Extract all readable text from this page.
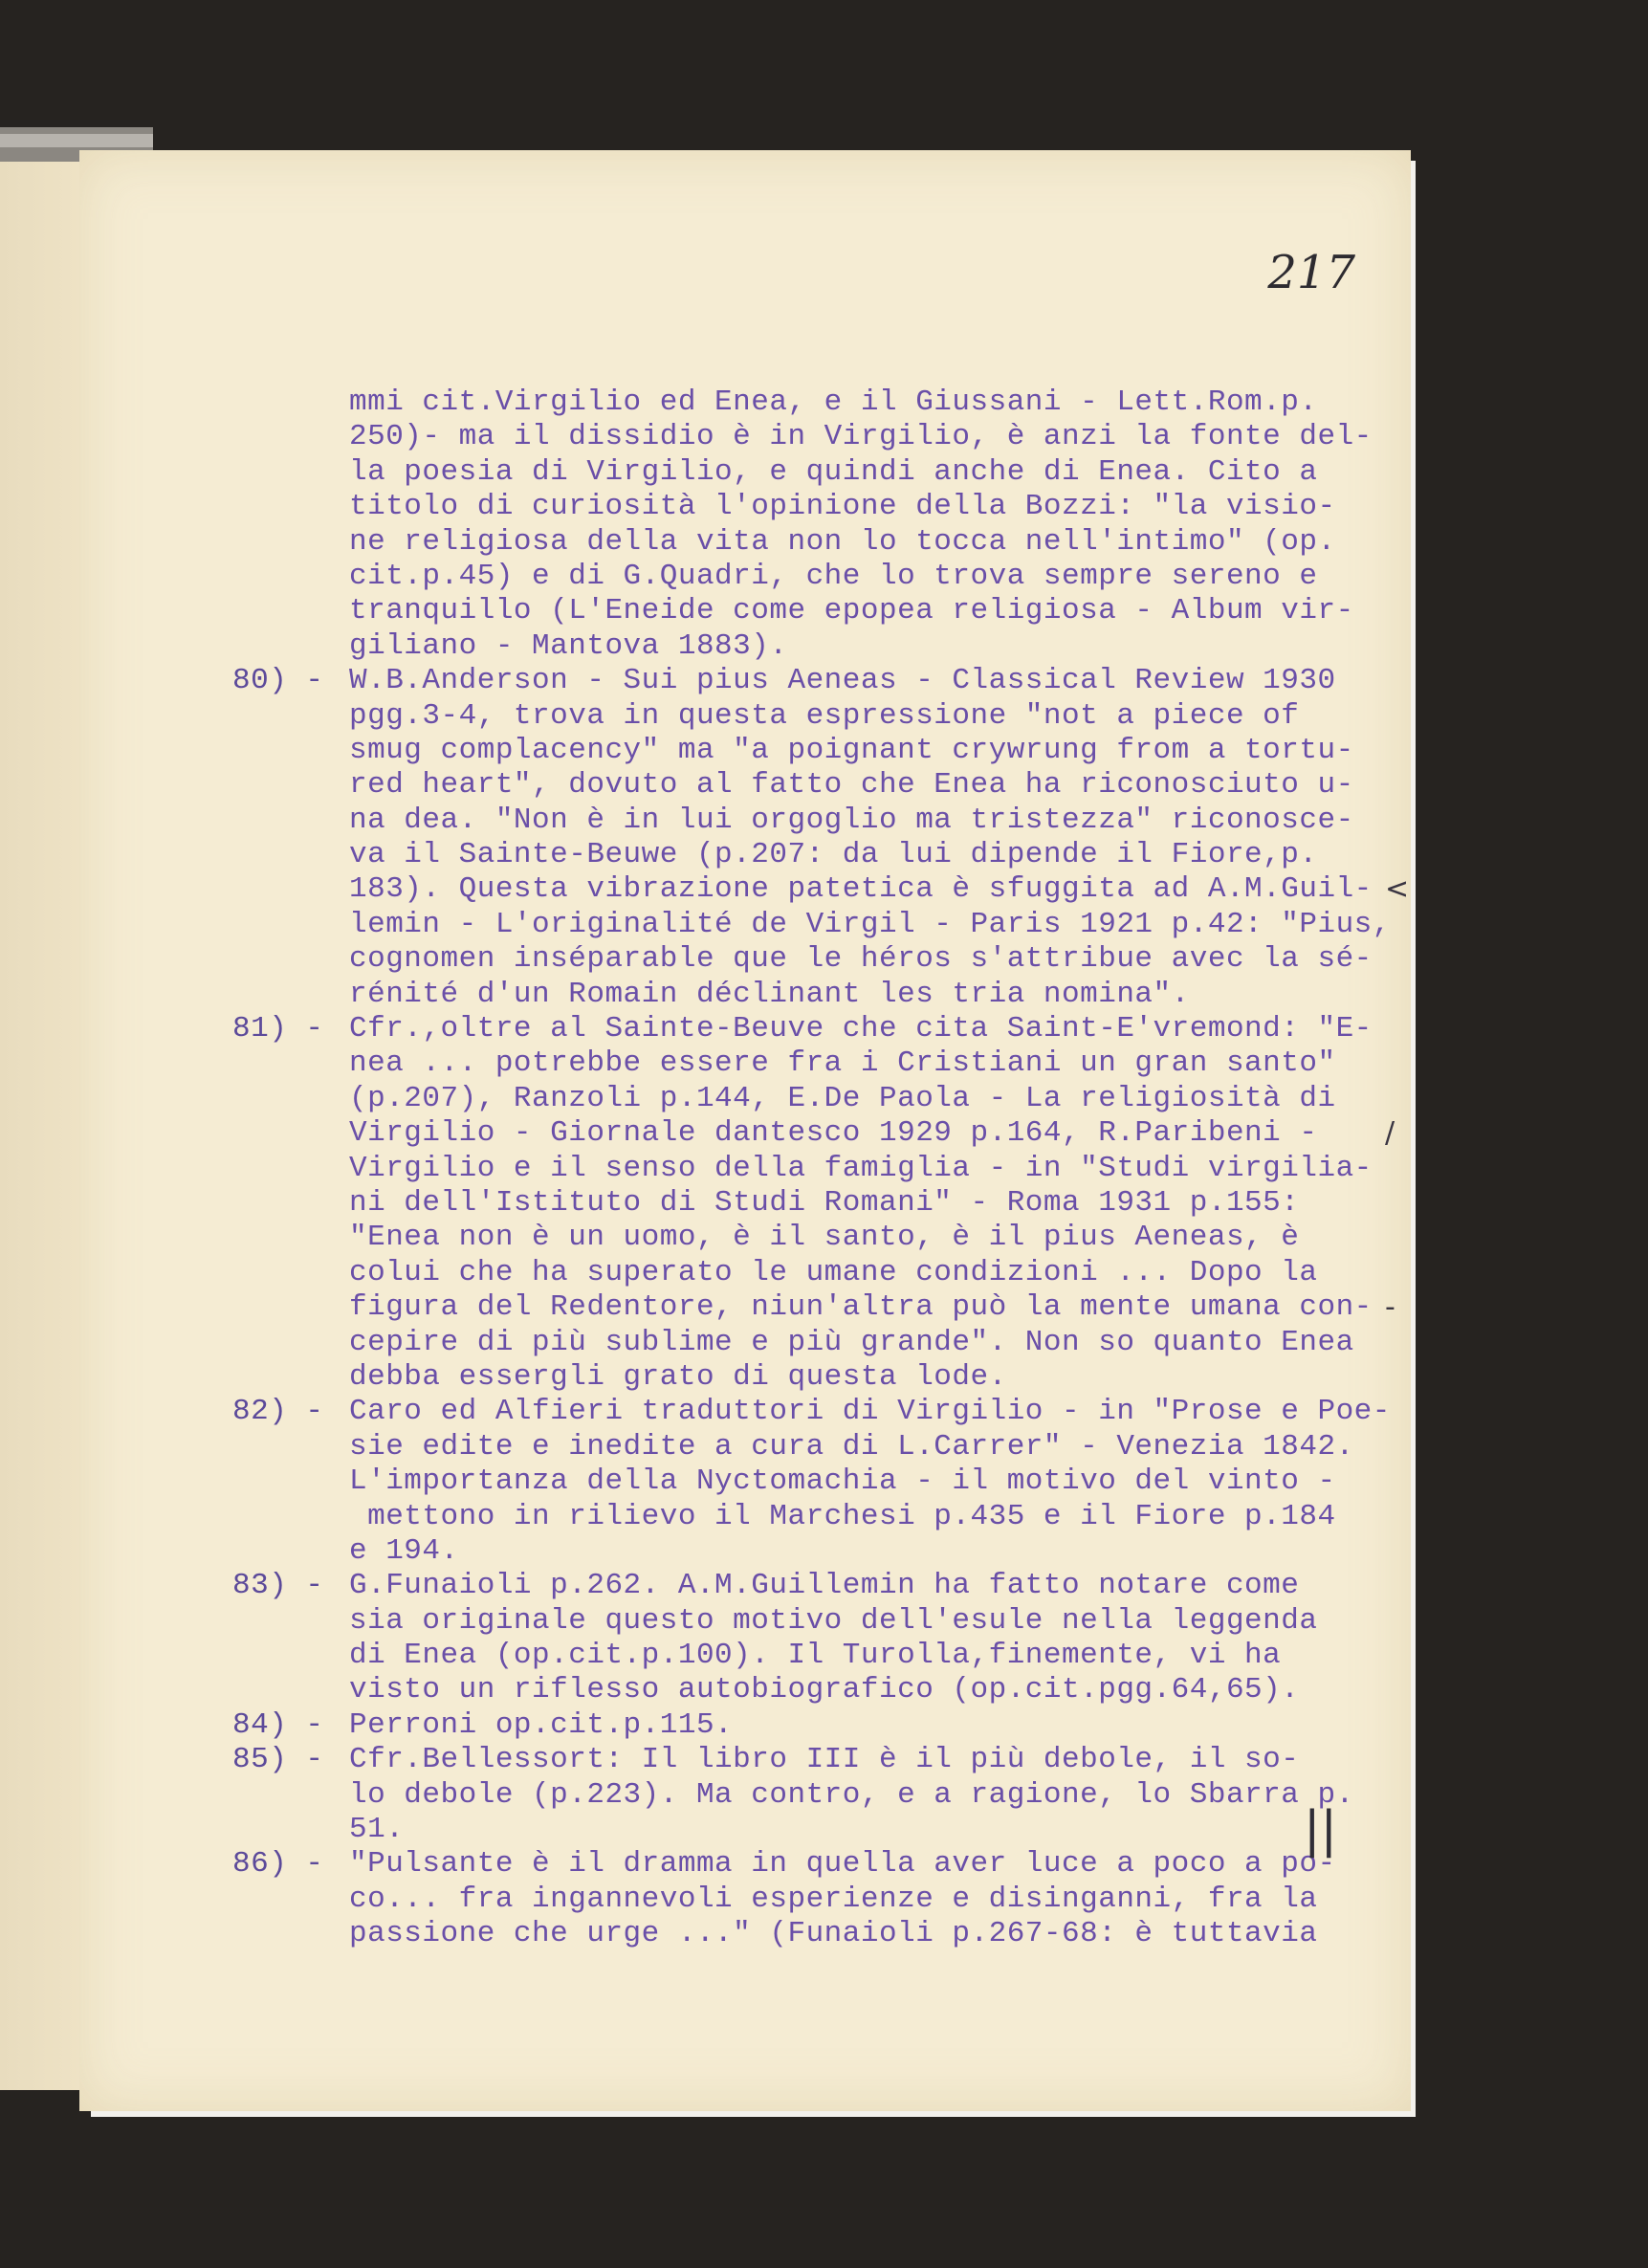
217
mmi cit.Virgilio ed Enea, e il Giussani - Lett.Rom.p.
250)- ma il dissidio è in Virgilio, è anzi la fonte del-
la poesia di Virgilio, e quindi anche di Enea. Cito a
titolo di curiosità l'opinione della Bozzi: "la visio-
ne religiosa della vita non lo tocca nell'intimo" (op.
cit.p.45) e di G.Quadri, che lo trova sempre sereno e
tranquillo (L'Eneide come epopea religiosa - Album vir-
giliano - Mantova 1883).
80) - W.B.Anderson - Sui pius Aeneas - Classical Review 1930
pgg.3-4, trova in questa espressione "not a piece of
smug complacency" ma "a poignant crywrung from a tortu-
red heart", dovuto al fatto che Enea ha riconosciuto u-
na dea. "Non è in lui orgoglio ma tristezza" riconosce-
va il Sainte-Beuwe (p.207: da lui dipende il Fiore,p.
183). Questa vibrazione patetica è sfuggita ad A.M.Guil- <
lemin - L'originalité de Virgil - Paris 1921 p.42: "Pius,
cognomen inséparable que le héros s'attribue avec la sé-
rénité d'un Romain déclinant les tria nomina".
81) - Cfr.,oltre al Sainte-Beuve che cita Saint-E'vremond: "E-
nea ... potrebbe essere fra i Cristiani un gran santo"
(p.207), Ranzoli p.144, E.De Paola - La religiosità di
Virgilio - Giornale dantesco 1929 p.164, R.Paribeni - /
Virgilio e il senso della famiglia - in "Studi virgilia-
ni dell'Istituto di Studi Romani" - Roma 1931 p.155:
"Enea non è un uomo, è il santo, è il pius Aeneas, è
colui che ha superato le umane condizioni ... Dopo la
figura del Redentore, niun'altra può la mente umana con- -
cepire di più sublime e più grande". Non so quanto Enea
debba essergli grato di questa lode.
82) - Caro ed Alfieri traduttori di Virgilio - in "Prose e Poe-
sie edite e inedite a cura di L.Carrer" - Venezia 1842.
L'importanza della Nyctomachia - il motivo del vinto -
mettono in rilievo il Marchesi p.435 e il Fiore p.184
e 194.
83) - G.Funaioli p.262. A.M.Guillemin ha fatto notare come
sia originale questo motivo dell'esule nella leggenda
di Enea (op.cit.p.100). Il Turolla,finemente, vi ha
visto un riflesso autobiografico (op.cit.pgg.64,65).
84) - Perroni op.cit.p.115.
85) - Cfr.Bellessort: Il libro III è il più debole, il so-
lo debole (p.223). Ma contro, e a ragione, lo Sbarra p.
51.
86) - "Pulsante è il dramma in quella aver luce a poco a po-
co... fra ingannevoli esperienze e disinganni, fra la
passione che urge ..." (Funaioli p.267-68: è tuttavia
||
